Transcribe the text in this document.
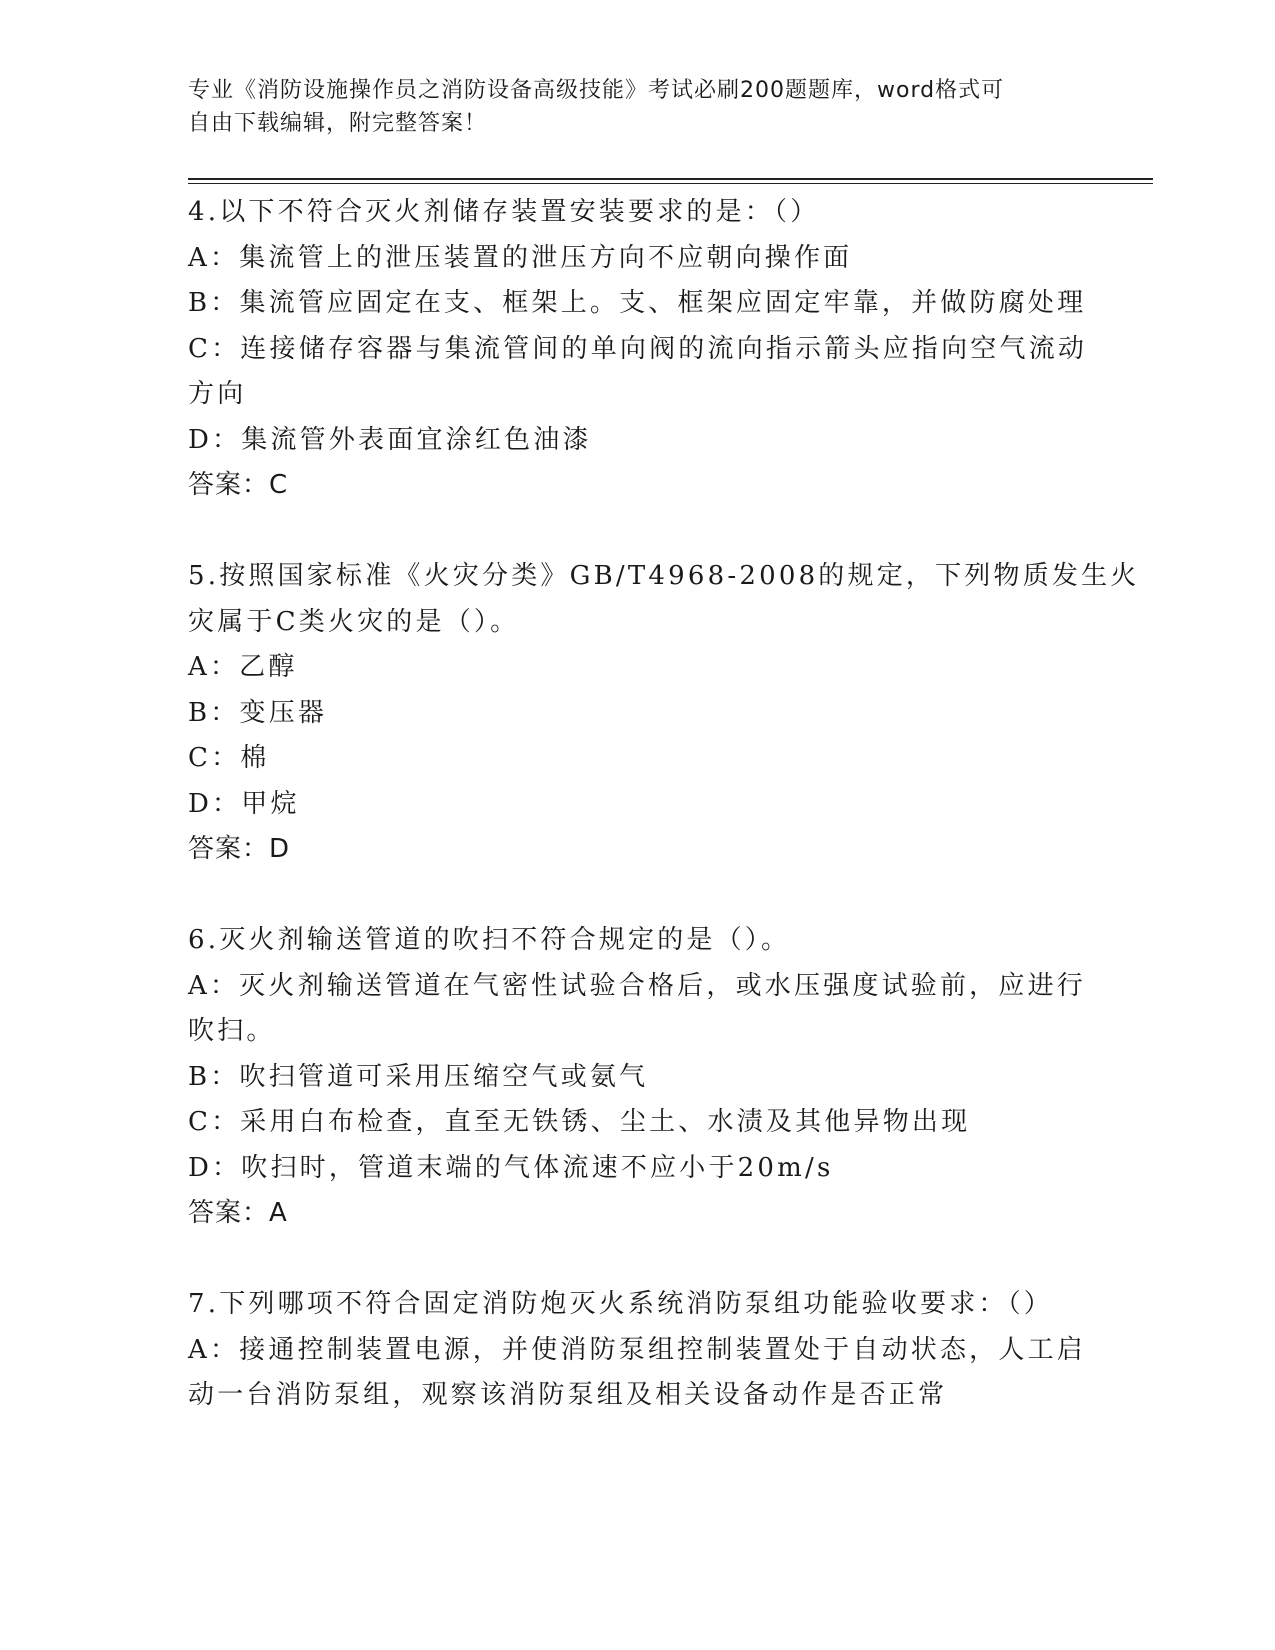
专业《消防设施操作员之消防设备高级技能》考试必刷200题题库，word格式可
自由下载编辑，附完整答案！
4.以下不符合灭火剂储存装置安装要求的是：（）
A：集流管上的泄压装置的泄压方向不应朝向操作面
B：集流管应固定在支、框架上。支、框架应固定牢靠，并做防腐处理
C：连接储存容器与集流管间的单向阀的流向指示箭头应指向空气流动
方向
D：集流管外表面宜涂红色油漆
答案：C
5.按照国家标准《火灾分类》GB/T4968-2008的规定，下列物质发生火
灾属于C类火灾的是（）。
A：乙醇
B：变压器
C：棉
D：甲烷
答案：D
6.灭火剂输送管道的吹扫不符合规定的是（）。
A：灭火剂输送管道在气密性试验合格后，或水压强度试验前，应进行
吹扫。
B：吹扫管道可采用压缩空气或氨气
C：采用白布检查，直至无铁锈、尘土、水渍及其他异物出现
D：吹扫时，管道末端的气体流速不应小于20m/s
答案：A
7.下列哪项不符合固定消防炮灭火系统消防泵组功能验收要求：（）
A：接通控制装置电源，并使消防泵组控制装置处于自动状态，人工启
动一台消防泵组，观察该消防泵组及相关设备动作是否正常
